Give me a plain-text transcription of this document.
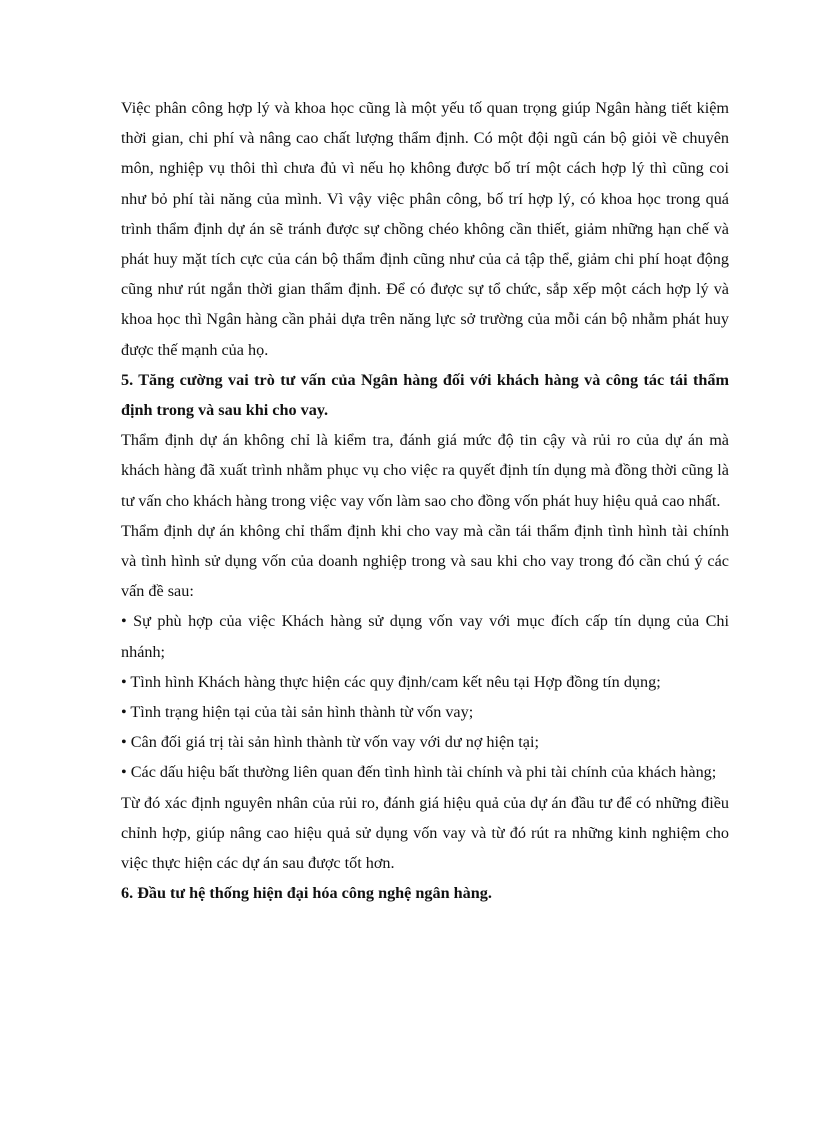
Việc phân công hợp lý và khoa học cũng là một yếu tố quan trọng giúp Ngân hàng tiết kiệm thời gian, chi phí và nâng cao chất lượng thẩm định. Có một đội ngũ cán bộ giỏi về chuyên môn, nghiệp vụ thôi thì chưa đủ vì nếu họ không được bố trí một cách hợp lý thì cũng coi như bỏ phí tài năng của mình. Vì vậy việc phân công, bố trí hợp lý, có khoa học trong quá trình thẩm định dự án sẽ tránh được sự chồng chéo không cần thiết, giảm những hạn chế và phát huy mặt tích cực của cán bộ thẩm định cũng như của cả tập thể, giảm chi phí hoạt động cũng như rút ngắn thời gian thẩm định. Để có được sự tổ chức, sắp xếp một cách hợp lý và khoa học thì Ngân hàng cần phải dựa trên năng lực sở trường của mỗi cán bộ nhằm phát huy được thế mạnh của họ.

5. Tăng cường vai trò tư vấn của Ngân hàng đối với khách hàng và công tác tái thẩm định trong và sau khi cho vay.

Thẩm định dự án không chỉ là kiểm tra, đánh giá mức độ tin cậy và rủi ro của dự án mà khách hàng đã xuất trình nhằm phục vụ cho việc ra quyết định tín dụng mà đồng thời cũng là tư vấn cho khách hàng trong việc vay vốn làm sao cho đồng vốn phát huy hiệu quả cao nhất.

Thẩm định dự án không chỉ thẩm định khi cho vay mà cần tái thẩm định tình hình tài chính và tình hình sử dụng vốn của doanh nghiệp trong và sau khi cho vay trong đó cần chú ý các vấn đề sau:

• Sự phù hợp của việc Khách hàng sử dụng vốn vay với mục đích cấp tín dụng của Chi nhánh;

• Tình hình Khách hàng thực hiện các quy định/cam kết nêu tại Hợp đồng tín dụng;

• Tình trạng hiện tại của tài sản hình thành từ vốn vay;

• Cân đối giá trị tài sản hình thành từ vốn vay với dư nợ hiện tại;

• Các dấu hiệu bất thường liên quan đến tình hình tài chính và phi tài chính của khách hàng;

Từ đó xác định nguyên nhân của rủi ro, đánh giá hiệu quả của dự án đầu tư để có những điều chỉnh hợp, giúp nâng cao hiệu quả sử dụng vốn vay và từ đó rút ra những kinh nghiệm cho việc thực hiện các dự án sau được tốt hơn.

6. Đầu tư hệ thống hiện đại hóa công nghệ ngân hàng.
